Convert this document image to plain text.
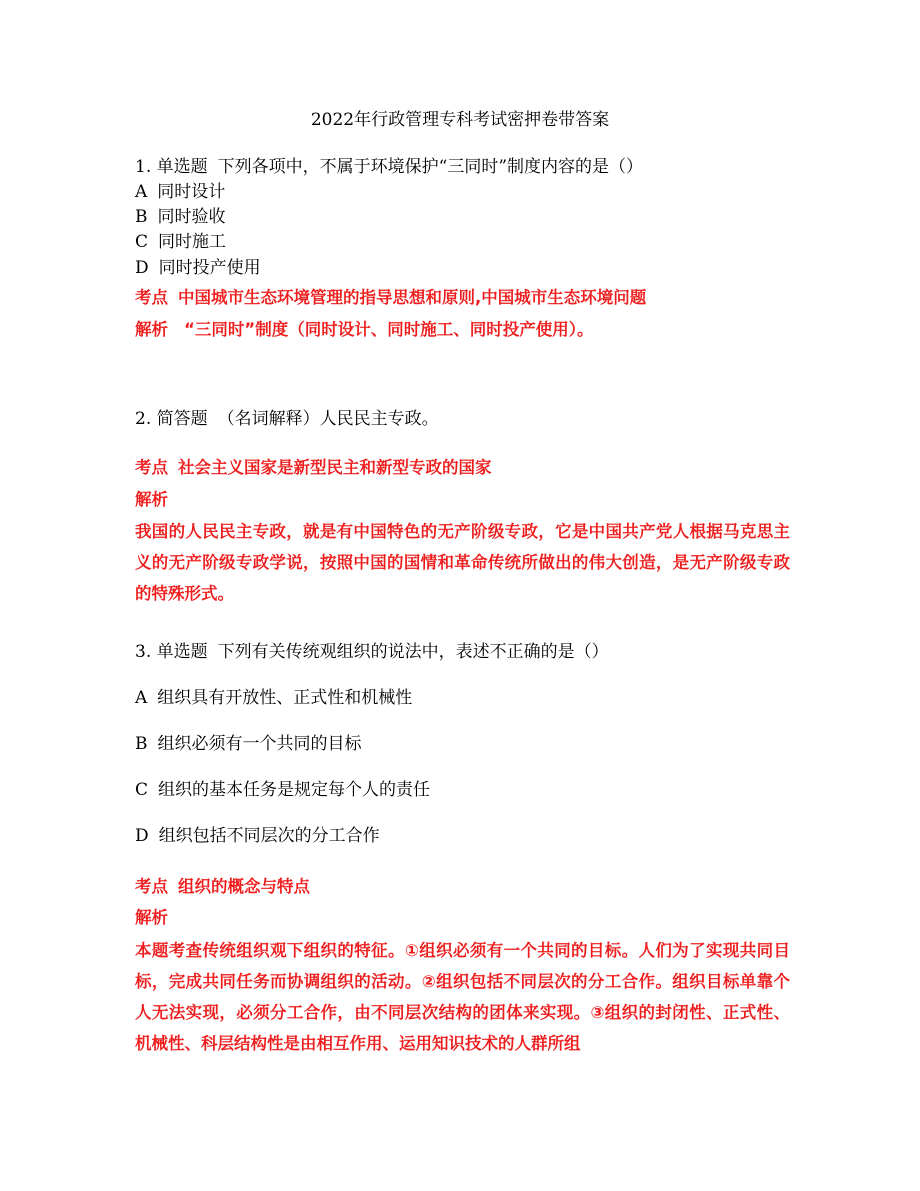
2022年行政管理专科考试密押卷带答案
1. 单选题 下列各项中，不属于环境保护“三同时”制度内容的是（）
A 同时设计
B 同时验收
C 同时施工
D 同时投产使用
考点 中国城市生态环境管理的指导思想和原则,中国城市生态环境问题
解析 “三同时”制度（同时设计、同时施工、同时投产使用）。
2. 简答题 （名词解释）人民民主专政。
考点 社会主义国家是新型民主和新型专政的国家
解析
我国的人民民主专政，就是有中国特色的无产阶级专政，它是中国共产党人根据马克思主义的无产阶级专政学说，按照中国的国情和革命传统所做出的伟大创造，是无产阶级专政的特殊形式。
3. 单选题 下列有关传统观组织的说法中，表述不正确的是（）
A 组织具有开放性、正式性和机械性
B 组织必须有一个共同的目标
C 组织的基本任务是规定每个人的责任
D 组织包括不同层次的分工合作
考点 组织的概念与特点
解析
本题考查传统组织观下组织的特征。①组织必须有一个共同的目标。人们为了实现共同目标，完成共同任务而协调组织的活动。②组织包括不同层次的分工合作。组织目标单靠个人无法实现，必须分工合作，由不同层次结构的团体来实现。③组织的封闭性、正式性、机械性、科层结构性是由相互作用、运用知识技术的人群所组
